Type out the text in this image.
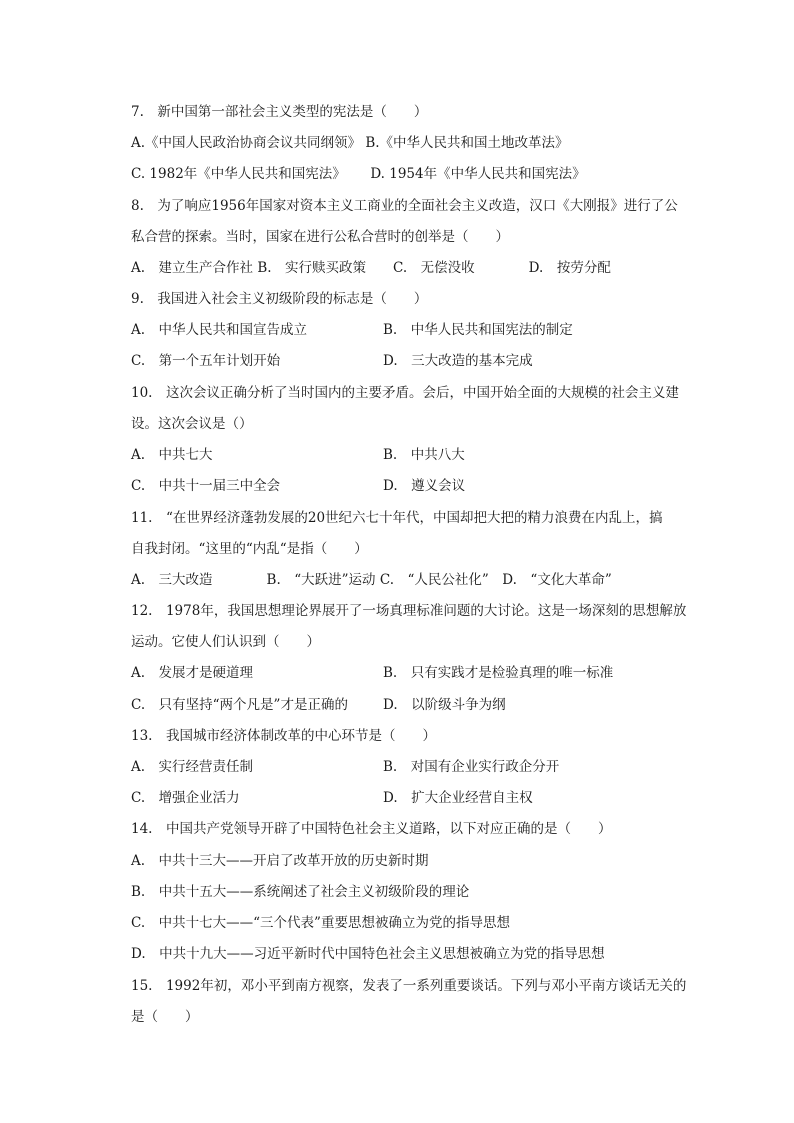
7.　新中国第一部社会主义类型的宪法是（　　）
A.《中国人民政治协商会议共同纲领》 B.《中华人民共和国土地改革法》
C. 1982年《中华人民共和国宪法》　　 D. 1954年《中华人民共和国宪法》
8.　为了响应1956年国家对资本主义工商业的全面社会主义改造，汉口《大刚报》进行了公
私合营的探索。当时，国家在进行公私合营时的创举是（　　）
A.　建立生产合作社 B.　实行赎买政策　　C.　无偿没收　　　　D.　按劳分配
9.　我国进入社会主义初级阶段的标志是（　　）
A.　中华人民共和国宣告成立	B.　中华人民共和国宪法的制定
C.　第一个五年计划开始	D.　三大改造的基本完成
10.　这次会议正确分析了当时国内的主要矛盾。会后，中国开始全面的大规模的社会主义建
设。这次会议是（）
A.　中共七大	B.　中共八大
C.　中共十一届三中全会	D.　遵义会议
11.　“在世界经济蓬勃发展的20世纪六七十年代，中国却把大把的精力浪费在内乱上，搞
自我封闭。“这里的“内乱“是指（　　）
A.　三大改造　　　　B.　“大跃进”运动 C.　“人民公社化”　D.　“文化大革命”
12.　1978年，我国思想理论界展开了一场真理标准问题的大讨论。这是一场深刻的思想解放
运动。它使人们认识到（　　）
A.　发展才是硬道理	B.　只有实践才是检验真理的唯一标准
C.　只有坚持“两个凡是”才是正确的	D.　以阶级斗争为纲
13.　我国城市经济体制改革的中心环节是（　　）
A.　实行经营责任制	B.　对国有企业实行政企分开
C.　增强企业活力	D.　扩大企业经营自主权
14.　中国共产党领导开辟了中国特色社会主义道路，以下对应正确的是（　　）
A.　中共十三大——开启了改革开放的历史新时期
B.　中共十五大——系统阐述了社会主义初级阶段的理论
C.　中共十七大——“三个代表”重要思想被确立为党的指导思想
D.　中共十九大——习近平新时代中国特色社会主义思想被确立为党的指导思想
15.　1992年初，邓小平到南方视察，发表了一系列重要谈话。下列与邓小平南方谈话无关的
是（　　）
